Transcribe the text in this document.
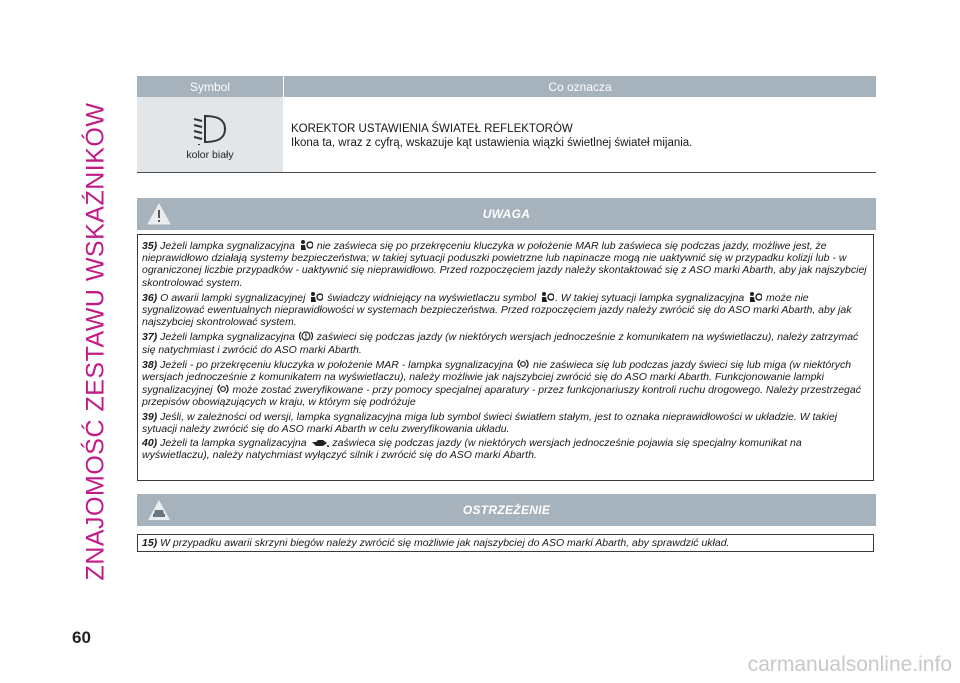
ZNAJOMOŚĆ ZESTAWU WSKAŹNIKÓW
Symbol	Co oznacza
kolor biały
KOREKTOR USTAWIENIA ŚWIATEŁ REFLEKTORÓW
Ikona ta, wraz z cyfrą, wskazuje kąt ustawienia wiązki świetlnej świateł mijania.
UWAGA

35) Jeżeli lampka sygnalizacyjna  nie zaświeca się po przekręceniu kluczyka w położenie MAR lub zaświeca się podczas jazdy, możliwe jest, że nieprawidłowo działają systemy bezpieczeństwa; w takiej sytuacji poduszki powietrzne lub napinacze mogą nie uaktywnić się w przypadku kolizji lub - w ograniczonej liczbie przypadków - uaktywnić się nieprawidłowo. Przed rozpoczęciem jazdy należy skontaktować się z ASO marki Abarth, aby jak najszybciej skontrolować system.

36) O awarii lampki sygnalizacyjnej  świadczy widniejący na wyświetlaczu symbol . W takiej sytuacji lampka sygnalizacyjna  może nie sygnalizować ewentualnych nieprawidłowości w systemach bezpieczeństwa. Przed rozpoczęciem jazdy należy zwrócić się do ASO marki Abarth, aby jak najszybciej skontrolować system.

37) Jeżeli lampka sygnalizacyjna  zaświeci się podczas jazdy (w niektórych wersjach jednocześnie z komunikatem na wyświetlaczu), należy zatrzymać się natychmiast i zwrócić do ASO marki Abarth.

38) Jeżeli - po przekręceniu kluczyka w położenie MAR - lampka sygnalizacyjna  nie zaświeca się lub podczas jazdy świeci się lub miga (w niektórych wersjach jednocześnie z komunikatem na wyświetlaczu), należy możliwie jak najszybciej zwrócić się do ASO marki Abarth. Funkcjonowanie lampki sygnalizacyjnej  może zostać zweryfikowane - przy pomocy specjalnej aparatury - przez funkcjonariuszy kontroli ruchu drogowego. Należy przestrzegać przepisów obowiązujących w kraju, w którym się podróżuje

39) Jeśli, w zależności od wersji, lampka sygnalizacyjna miga lub symbol świeci światłem stałym, jest to oznaka nieprawidłowości w układzie. W takiej sytuacji należy zwrócić się do ASO marki Abarth w celu zweryfikowania układu.

40) Jeżeli ta lampka sygnalizacyjna  zaświeca się podczas jazdy (w niektórych wersjach jednocześnie pojawia się specjalny komunikat na wyświetlaczu), należy natychmiast wyłączyć silnik i zwrócić się do ASO marki Abarth.

OSTRZEŻENIE
15) W przypadku awarii skrzyni biegów należy zwrócić się możliwie jak najszybciej do ASO marki Abarth, aby sprawdzić układ.
60
carmanualsonline.info
